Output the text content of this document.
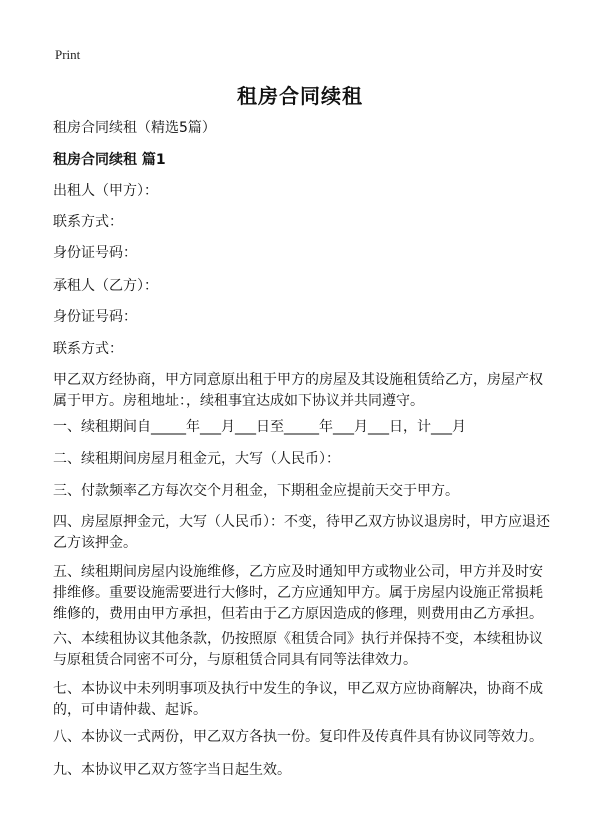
Print
租房合同续租
租房合同续租（精选5篇）
租房合同续租 篇1
出租人（甲方）：
联系方式：
身份证号码：
承租人（乙方）：
身份证号码：
联系方式：
甲乙双方经协商，甲方同意原出租于甲方的房屋及其设施租赁给乙方，房屋产权属于甲方。房租地址：，续租事宜达成如下协议并共同遵守。
一、续租期间自_____年___月___日至_____年___月___日，计___月
二、续租期间房屋月租金元，大写（人民币）：
三、付款频率乙方每次交个月租金，下期租金应提前天交于甲方。
四、房屋原押金元，大写（人民币）：不变，待甲乙双方协议退房时，甲方应退还乙方该押金。
五、续租期间房屋内设施维修，乙方应及时通知甲方或物业公司，甲方并及时安排维修。重要设施需要进行大修时，乙方应通知甲方。属于房屋内设施正常损耗维修的，费用由甲方承担，但若由于乙方原因造成的修理，则费用由乙方承担。
六、本续租协议其他条款，仍按照原《租赁合同》执行并保持不变，本续租协议与原租赁合同密不可分，与原租赁合同具有同等法律效力。
七、本协议中未列明事项及执行中发生的争议，甲乙双方应协商解决，协商不成的，可申请仲裁、起诉。
八、本协议一式两份，甲乙双方各执一份。复印件及传真件具有协议同等效力。
九、本协议甲乙双方签字当日起生效。
